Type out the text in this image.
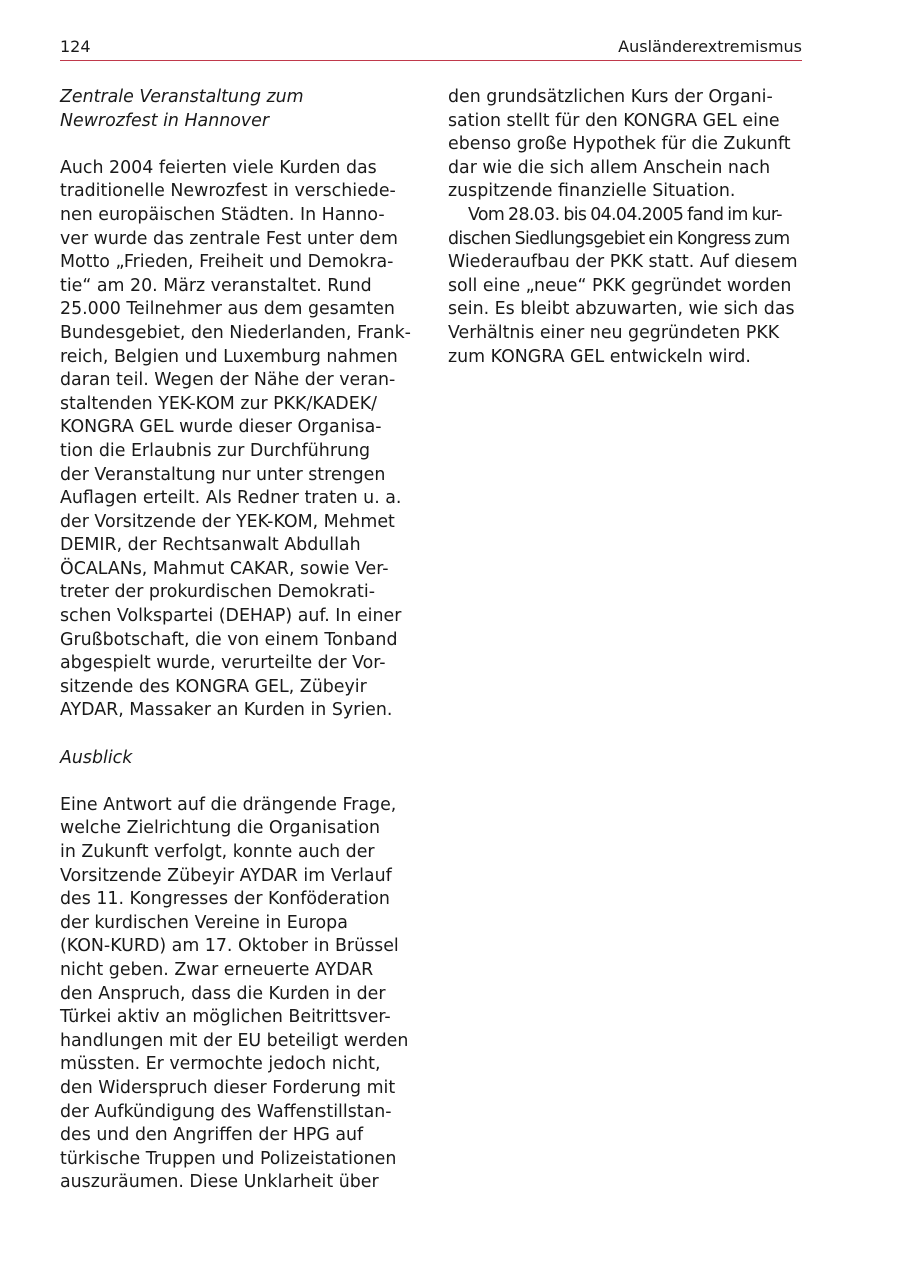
124	Ausländerextremismus
Zentrale Veranstaltung zum
Newrozfest in Hannover
Auch 2004 feierten viele Kurden das
traditionelle Newrozfest in verschiede-
nen europäischen Städten. In Hanno-
ver wurde das zentrale Fest unter dem
Motto „Frieden, Freiheit und Demokra-
tie“ am 20. März veranstaltet. Rund
25.000 Teilnehmer aus dem gesamten
Bundesgebiet, den Niederlanden, Frank-
reich, Belgien und Luxemburg nahmen
daran teil. Wegen der Nähe der veran-
staltenden YEK-KOM zur PKK/KADEK/
KONGRA GEL wurde dieser Organisa-
tion die Erlaubnis zur Durchführung
der Veranstaltung nur unter strengen
Auflagen erteilt. Als Redner traten u. a.
der Vorsitzende der YEK-KOM, Mehmet
DEMIR, der Rechtsanwalt Abdullah
ÖCALANs, Mahmut CAKAR, sowie Ver-
treter der prokurdischen Demokrati-
schen Volkspartei (DEHAP) auf. In einer
Grußbotschaft, die von einem Tonband
abgespielt wurde, verurteilte der Vor-
sitzende des KONGRA GEL, Zübeyir
AYDAR, Massaker an Kurden in Syrien.
Ausblick
Eine Antwort auf die drängende Frage,
welche Zielrichtung die Organisation
in Zukunft verfolgt, konnte auch der
Vorsitzende Zübeyir AYDAR im Verlauf
des 11. Kongresses der Konföderation
der kurdischen Vereine in Europa
(KON-KURD) am 17. Oktober in Brüssel
nicht geben. Zwar erneuerte AYDAR
den Anspruch, dass die Kurden in der
Türkei aktiv an möglichen Beitrittsver-
handlungen mit der EU beteiligt werden
müssten. Er vermochte jedoch nicht,
den Widerspruch dieser Forderung mit
der Aufkündigung des Waffenstillstan-
des und den Angriffen der HPG auf
türkische Truppen und Polizeistationen
auszuräumen. Diese Unklarheit über
den grundsätzlichen Kurs der Organi-
sation stellt für den KONGRA GEL eine
ebenso große Hypothek für die Zukunft
dar wie die sich allem Anschein nach
zuspitzende finanzielle Situation.
Vom 28.03. bis 04.04.2005 fand im kur-
dischen Siedlungsgebiet ein Kongress zum
Wiederaufbau der PKK statt. Auf diesem
soll eine „neue“ PKK gegründet worden
sein. Es bleibt abzuwarten, wie sich das
Verhältnis einer neu gegründeten PKK
zum KONGRA GEL entwickeln wird.
